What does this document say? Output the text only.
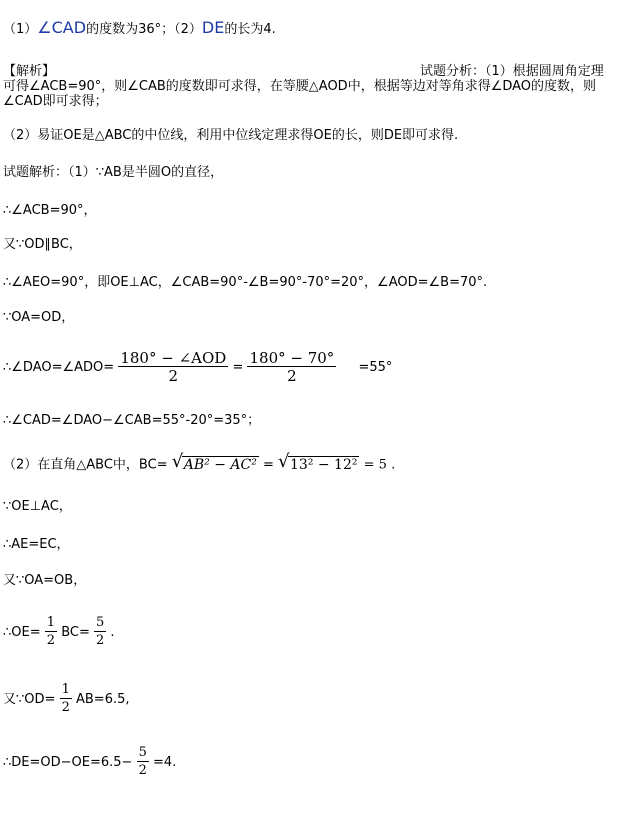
（1）∠CAD的度数为36°；（2）DE的长为4.
【解析】	试题分析：（1）根据圆周角定理
可得∠ACB=90°，则∠CAB的度数即可求得，在等腰△AOD中，根据等边对等角求得∠DAO的度数，则
∠CAD即可求得；
（2）易证OE是△ABC的中位线，利用中位线定理求得OE的长，则DE即可求得.
试题解析：（1）∵AB是半圆O的直径，
∴∠ACB=90°，
又∵OD∥BC，
∴∠AEO=90°，即OE⊥AC，∠CAB=90°-∠B=90°-70°=20°，∠AOD=∠B=70°.
∵OA=OD，
∴∠DAO=∠ADO= $\frac{\text{180° − ∠AOD}}{2} = \frac{180^\circ - 70^\circ}{2} =55^\circ$
∴∠CAD=∠DAO−∠CAB=55°-20°=35°；
（2）在直角△ABC中，BC= √ AB² − AC² = √ 13² − 12² = 5 .
∵OE⊥AC，
∴AE=EC，
又∵OA=OB，
∴OE= $\frac{1}{2} BC= \frac{5}{2}$ .
又∵OD= $\frac{1}{2} AB=6.5$,
∴DE=OD−OE=6.5− $\frac{5}{2} =4$.
